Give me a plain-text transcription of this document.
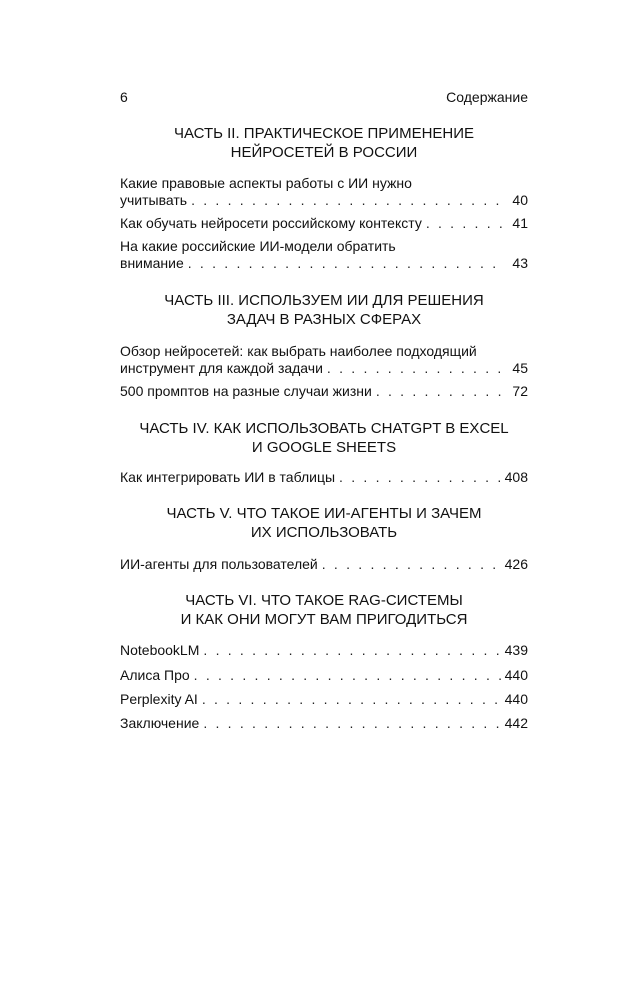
6	Содержание
ЧАСТЬ II. ПРАКТИЧЕСКОЕ ПРИМЕНЕНИЕ
НЕЙРОСЕТЕЙ В РОССИИ
Какие правовые аспекты работы с ИИ нужно
учитывать . . .	40
Как обучать нейросети российскому контексту . . .	41
На какие российские ИИ-модели обратить
внимание . . .	43
ЧАСТЬ III. ИСПОЛЬЗУЕМ ИИ ДЛЯ РЕШЕНИЯ
ЗАДАЧ В РАЗНЫХ СФЕРАХ
Обзор нейросетей: как выбрать наиболее подходящий
инструмент для каждой задачи . . .	45
500 промптов на разные случаи жизни . . .	72
ЧАСТЬ IV. КАК ИСПОЛЬЗОВАТЬ CHATGPT В EXCEL
И GOOGLE SHEETS
Как интегрировать ИИ в таблицы . . .	408
ЧАСТЬ V. ЧТО ТАКОЕ ИИ-АГЕНТЫ И ЗАЧЕМ
ИХ ИСПОЛЬЗОВАТЬ
ИИ-агенты для пользователей . . .	426
ЧАСТЬ VI. ЧТО ТАКОЕ RAG-СИСТЕМЫ
И КАК ОНИ МОГУТ ВАМ ПРИГОДИТЬСЯ
NotebookLM . . .	439
Алиса Про . . .	440
Perplexity AI . . .	440
Заключение . . .	442
